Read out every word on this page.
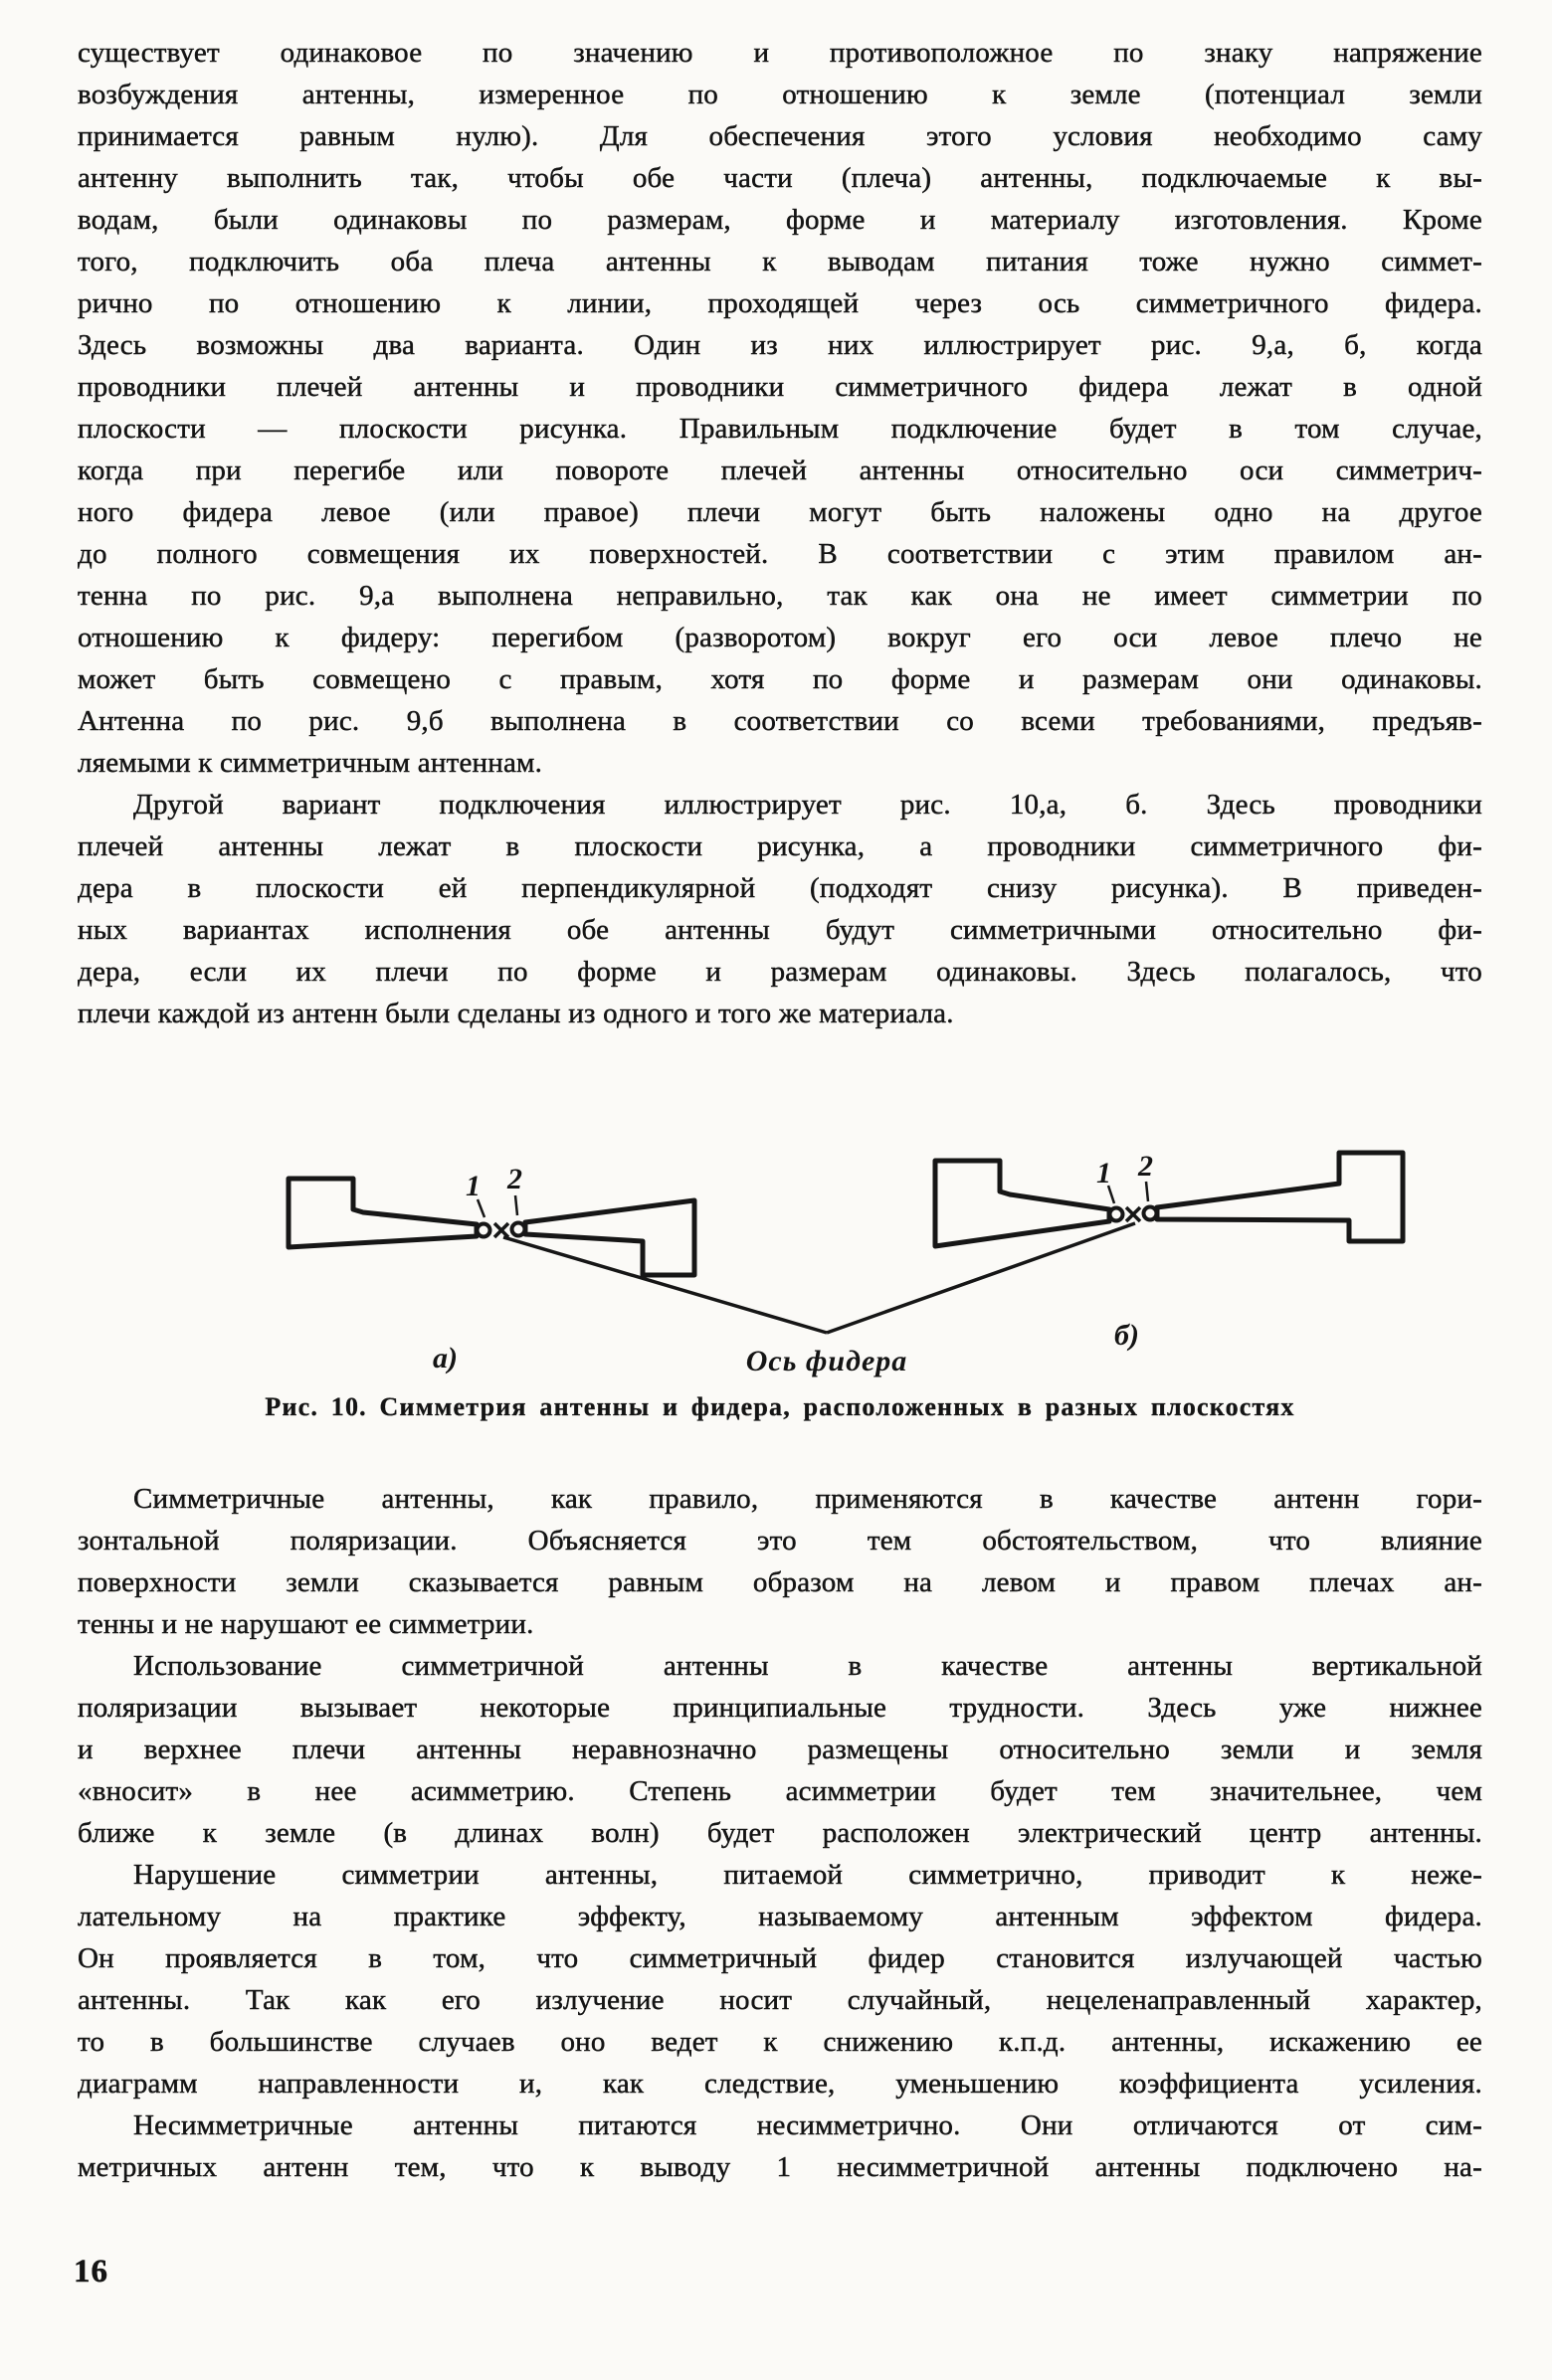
существует одинаковое по значению и противоположное по знаку напряжение
возбуждения антенны, измеренное по отношению к земле (потенциал земли
принимается равным нулю). Для обеспечения этого условия необходимо саму
антенну выполнить так, чтобы обе части (плеча) антенны, подключаемые к вы-
водам, были одинаковы по размерам, форме и материалу изготовления. Кроме
того, подключить оба плеча антенны к выводам питания тоже нужно симмет-
рично по отношению к линии, проходящей через ось симметричного фидера.
Здесь возможны два варианта. Один из них иллюстрирует рис. 9,а, б, когда
проводники плечей антенны и проводники симметричного фидера лежат в одной
плоскости — плоскости рисунка. Правильным подключение будет в том случае,
когда при перегибе или повороте плечей антенны относительно оси симметрич-
ного фидера левое (или правое) плечи могут быть наложены одно на другое
до полного совмещения их поверхностей. В соответствии с этим правилом ан-
тенна по рис. 9,а выполнена неправильно, так как она не имеет симметрии по
отношению к фидеру: перегибом (разворотом) вокруг его оси левое плечо не
может быть совмещено с правым, хотя по форме и размерам они одинаковы.
Антенна по рис. 9,б выполнена в соответствии со всеми требованиями, предъяв-
ляемыми к симметричным антеннам.
Другой вариант подключения иллюстрирует рис. 10,а, б. Здесь проводники
плечей антенны лежат в плоскости рисунка, а проводники симметричного фи-
дера в плоскости ей перпендикулярной (подходят снизу рисунка). В приведен-
ных вариантах исполнения обе антенны будут симметричными относительно фи-
дера, если их плечи по форме и размерам одинаковы. Здесь полагалось, что
плечи каждой из антенн были сделаны из одного и того же материала.
1 2
а)
1 2
б)
Ось фидера
Рис. 10. Симметрия антенны и фидера, расположенных в разных плоскостях
Симметричные антенны, как правило, применяются в качестве антенн гори-
зонтальной поляризации. Объясняется это тем обстоятельством, что влияние
поверхности земли сказывается равным образом на левом и правом плечах ан-
тенны и не нарушают ее симметрии.
Использование симметричной антенны в качестве антенны вертикальной
поляризации вызывает некоторые принципиальные трудности. Здесь уже нижнее
и верхнее плечи антенны неравнозначно размещены относительно земли и земля
«вносит» в нее асимметрию. Степень асимметрии будет тем значительнее, чем
ближе к земле (в длинах волн) будет расположен электрический центр антенны.
Нарушение симметрии антенны, питаемой симметрично, приводит к неже-
лательному на практике эффекту, называемому антенным эффектом фидера.
Он проявляется в том, что симметричный фидер становится излучающей частью
антенны. Так как его излучение носит случайный, нецеленаправленный характер,
то в большинстве случаев оно ведет к снижению к.п.д. антенны, искажению ее
диаграмм направленности и, как следствие, уменьшению коэффициента усиления.
Несимметричные антенны питаются несимметрично. Они отличаются от сим-
метричных антенн тем, что к выводу 1 несимметричной антенны подключено на-
16
